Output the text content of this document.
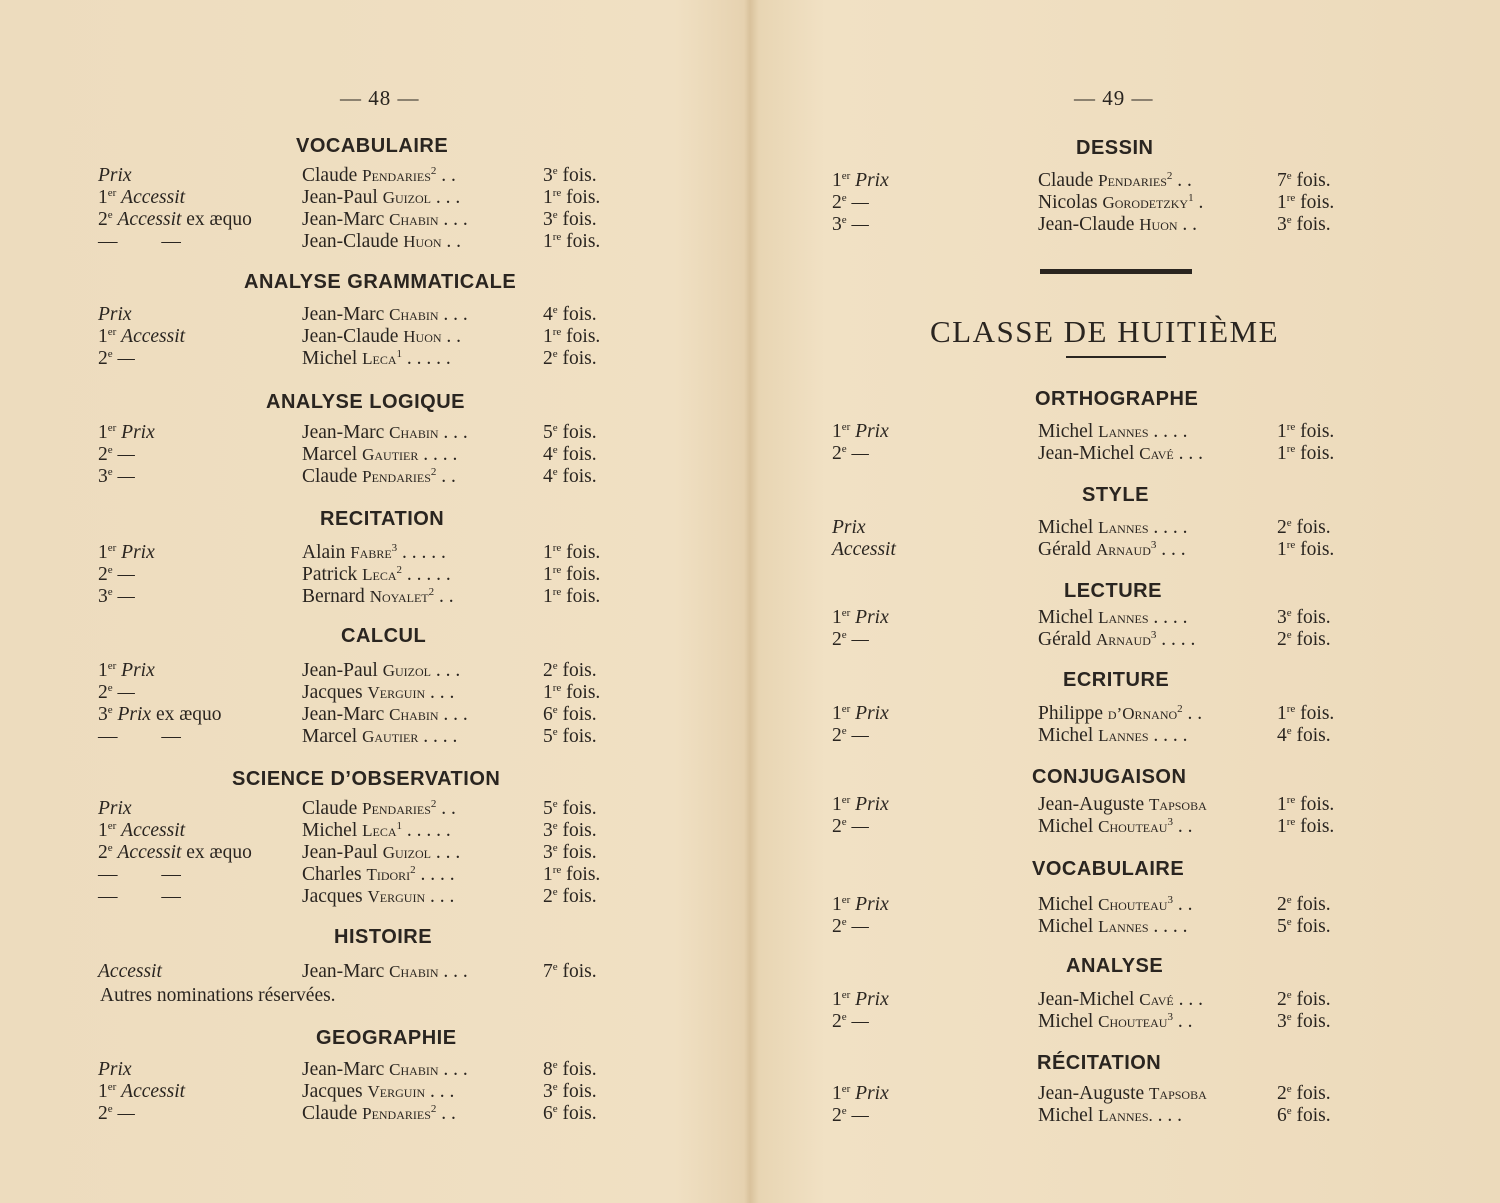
— 48 —
VOCABULAIRE
Prix	Claude Pendaries$^2$ . .	3e fois.
1er Accessit	Jean-Paul Guizol . . .	1re fois.
2e Accessit ex æquo	Jean-Marc Chabin . . .	3e fois.
— —	Jean-Claude Huon . .	1re fois.
ANALYSE GRAMMATICALE
Prix	Jean-Marc Chabin . . .	4e fois.
1er Accessit	Jean-Claude Huon . .	1re fois.
2e —	Michel Leca$^1$ . . . . .	2e fois.
ANALYSE LOGIQUE
1er Prix	Jean-Marc Chabin . . .	5e fois.
2e —	Marcel Gautier . . . .	4e fois.
3e —	Claude Pendaries$^2$ . .	4e fois.
RECITATION
1er Prix	Alain Fabre$^3$ . . . . .	1re fois.
2e —	Patrick Leca$^2$ . . . . .	1re fois.
3e —	Bernard Noyalet$^2$ . .	1re fois.
CALCUL
1er Prix	Jean-Paul Guizol . . .	2e fois.
2e —	Jacques Verguin . . .	1re fois.
3e Prix ex æquo	Jean-Marc Chabin . . .	6e fois.
— —	Marcel Gautier . . . .	5e fois.
SCIENCE D’OBSERVATION
Prix	Claude Pendaries$^2$ . .	5e fois.
1er Accessit	Michel Leca$^1$ . . . . .	3e fois.
2e Accessit ex æquo	Jean-Paul Guizol . . .	3e fois.
— —	Charles Tidori$^2$ . . . .	1re fois.
— —	Jacques Verguin . . .	2e fois.
HISTOIRE
Accessit	Jean-Marc Chabin . . .	7e fois.
Autres nominations réservées.
GEOGRAPHIE
Prix	Jean-Marc Chabin . . .	8e fois.
1er Accessit	Jacques Verguin . . .	3e fois.
2e —	Claude Pendaries$^2$ . .	6e fois.
— 49 —
DESSIN
1er Prix	Claude Pendaries$^2$ . .	7e fois.
2e —	Nicolas Gorodetzky$^1$ .	1re fois.
3e —	Jean-Claude Huon . .	3e fois.
CLASSE DE HUITIÈME
ORTHOGRAPHE
1er Prix	Michel Lannes . . . .	1re fois.
2e —	Jean-Michel Cavé . . .	1re fois.
STYLE
Prix	Michel Lannes . . . .	2e fois.
Accessit	Gérald Arnaud$^3$ . . .	1re fois.
LECTURE
1er Prix	Michel Lannes . . . .	3e fois.
2e —	Gérald Arnaud$^3$ . . . .	2e fois.
ECRITURE
1er Prix	Philippe d’Ornano$^2$ . .	1re fois.
2e —	Michel Lannes . . . .	4e fois.
CONJUGAISON
1er Prix	Jean-Auguste Tapsoba	1re fois.
2e —	Michel Chouteau$^3$ . .	1re fois.
VOCABULAIRE
1er Prix	Michel Chouteau$^3$ . .	2e fois.
2e —	Michel Lannes . . . .	5e fois.
ANALYSE
1er Prix	Jean-Michel Cavé . . .	2e fois.
2e —	Michel Chouteau$^3$ . .	3e fois.
RÉCITATION
1er Prix	Jean-Auguste Tapsoba	2e fois.
2e —	Michel Lannes. . . .	6e fois.
